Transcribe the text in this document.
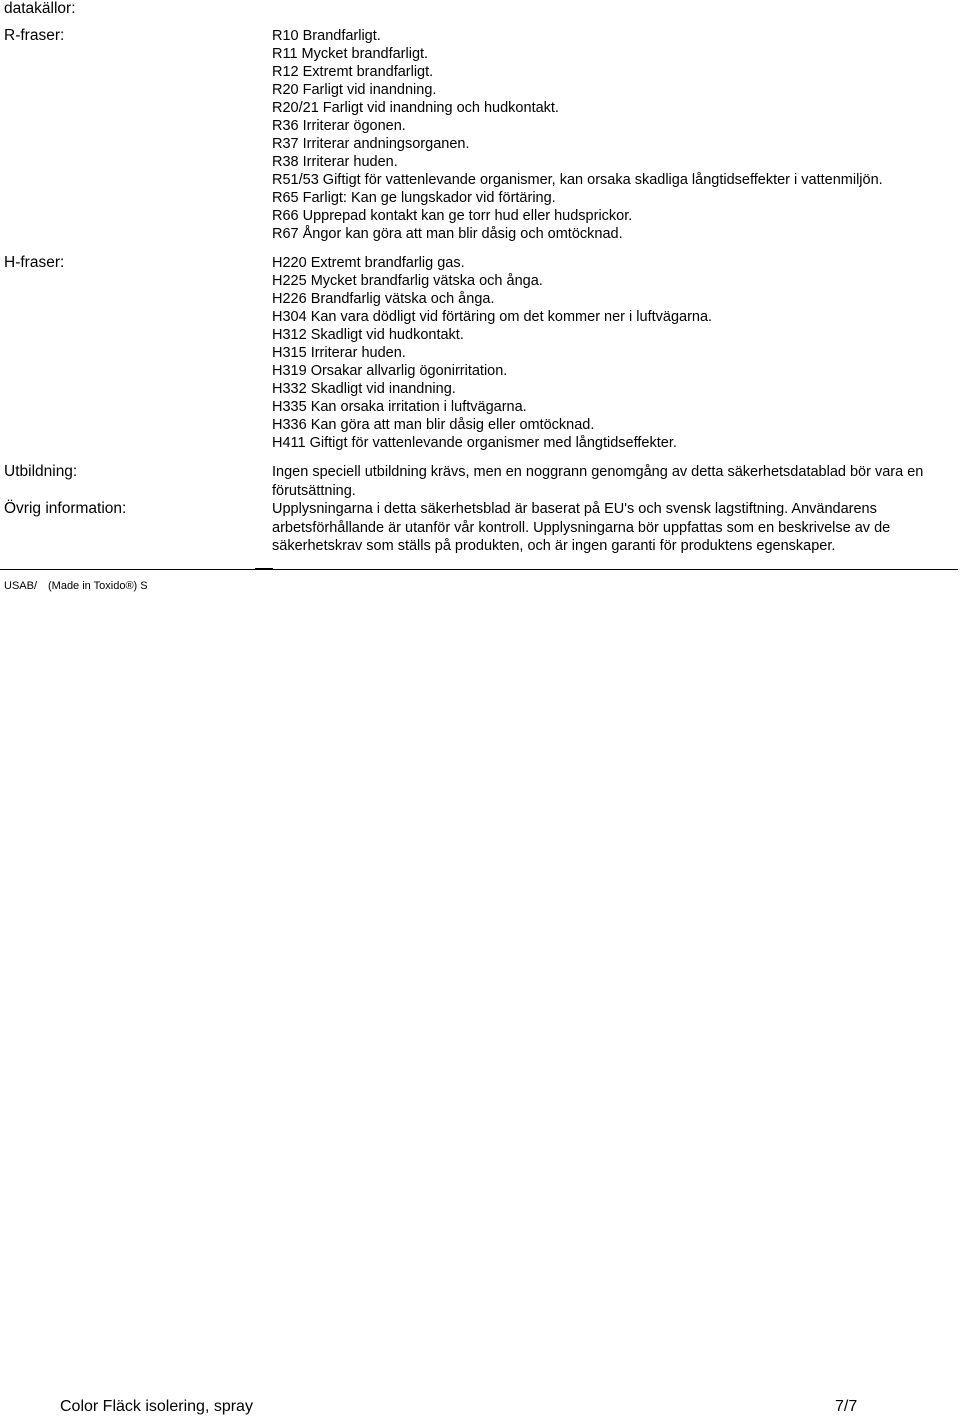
datakällor:
R-fraser:	R10 Brandfarligt.
R11 Mycket brandfarligt.
R12 Extremt brandfarligt.
R20 Farligt vid inandning.
R20/21 Farligt vid inandning och hudkontakt.
R36 Irriterar ögonen.
R37 Irriterar andningsorganen.
R38 Irriterar huden.
R51/53 Giftigt för vattenlevande organismer, kan orsaka skadliga långtidseffekter i vattenmiljön.
R65 Farligt: Kan ge lungskador vid förtäring.
R66 Upprepad kontakt kan ge torr hud eller hudsprickor.
R67 Ångor kan göra att man blir dåsig och omtöcknad.
H-fraser:	H220 Extremt brandfarlig gas.
H225 Mycket brandfarlig vätska och ånga.
H226 Brandfarlig vätska och ånga.
H304 Kan vara dödligt vid förtäring om det kommer ner i luftvägarna.
H312 Skadligt vid hudkontakt.
H315 Irriterar huden.
H319 Orsakar allvarlig ögonirritation.
H332 Skadligt vid inandning.
H335 Kan orsaka irritation i luftvägarna.
H336 Kan göra att man blir dåsig eller omtöcknad.
H411 Giftigt för vattenlevande organismer med långtidseffekter.
Utbildning:	Ingen speciell utbildning krävs, men en noggrann genomgång av detta säkerhetsdatablad bör vara en förutsättning.
Övrig information:	Upplysningarna i detta säkerhetsblad är baserat på EU's och svensk lagstiftning. Användarens arbetsförhållande är utanför vår kontroll. Upplysningarna bör uppfattas som en beskrivelse av de säkerhetskrav som ställs på produkten, och är ingen garanti för produktens egenskaper.
USAB/ (Made in Toxido®) S
Color Fläck isolering, spray	7/7
